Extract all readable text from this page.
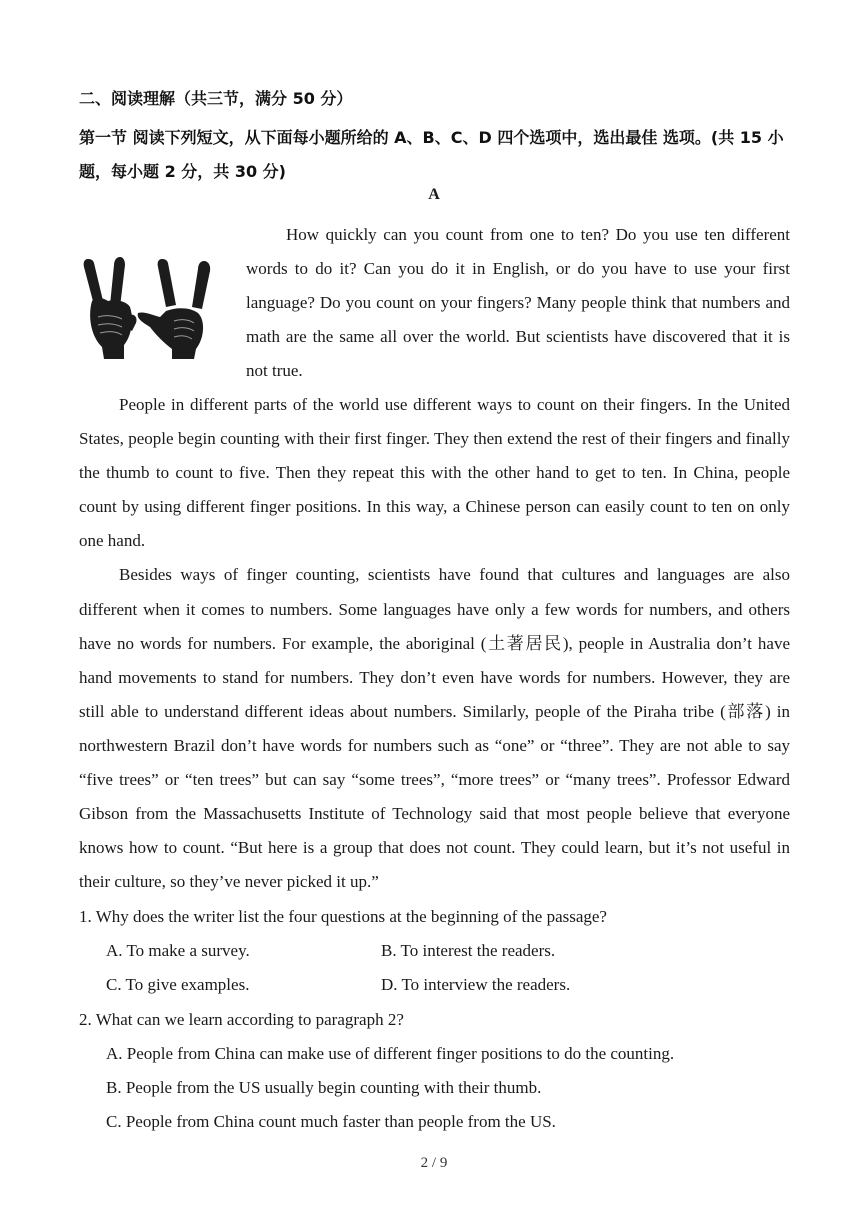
二、阅读理解（共三节，满分 50 分）
第一节 阅读下列短文，从下面每小题所给的 A、B、C、D 四个选项中，选出最佳 选项。(共 15 小题，每小题 2 分，共 30 分)
A

How quickly can you count from one to ten? Do you use ten different words to do it? Can you do it in English, or do you have to use your first language? Do you count on your fingers? Many people think that numbers and math are the same all over the world. But scientists have discovered that it is not true.

People in different parts of the world use different ways to count on their fingers. In the United States, people begin counting with their first finger. They then extend the rest of their fingers and finally the thumb to count to five. Then they repeat this with the other hand to get to ten. In China, people count by using different finger positions. In this way, a Chinese person can easily count to ten on only one hand.

Besides ways of finger counting, scientists have found that cultures and languages are also different when it comes to numbers. Some languages have only a few words for numbers, and others have no words for numbers. For example, the aboriginal (土著居民), people in Australia don’t have hand movements to stand for numbers. They don’t even have words for numbers. However, they are still able to understand different ideas about numbers. Similarly, people of the Piraha tribe (部落) in northwestern Brazil don’t have words for numbers such as “one” or “three”. They are not able to say “five trees” or “ten trees” but can say “some trees”, “more trees” or “many trees”. Professor Edward Gibson from the Massachusetts Institute of Technology said that most people believe that everyone knows how to count. “But here is a group that does not count. They could learn, but it’s not useful in their culture, so they’ve never picked it up.”

1. Why does the writer list the four questions at the beginning of the passage?
A. To make a survey.	B. To interest the readers.
C. To give examples.	D. To interview the readers.
2. What can we learn according to paragraph 2?
A. People from China can make use of different finger positions to do the counting.
B. People from the US usually begin counting with their thumb.
C. People from China count much faster than people from the US.
2 / 9
